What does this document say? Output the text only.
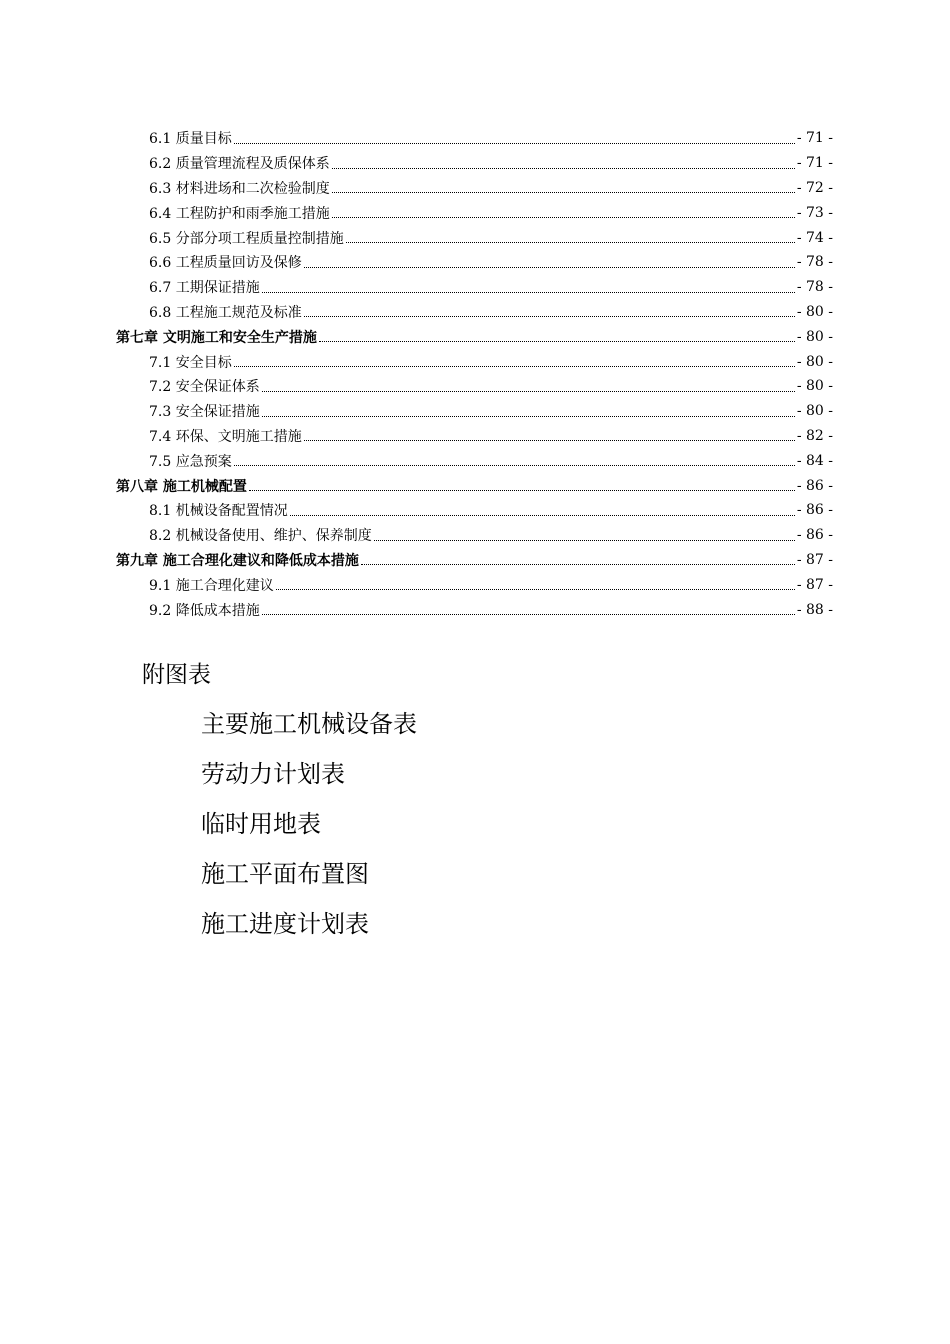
6.1 质量目标	- 71 -
6.2 质量管理流程及质保体系	- 71 -
6.3 材料进场和二次检验制度	- 72 -
6.4 工程防护和雨季施工措施	- 73 -
6.5 分部分项工程质量控制措施	- 74 -
6.6 工程质量回访及保修	- 78 -
6.7 工期保证措施	- 78 -
6.8 工程施工规范及标准	- 80 -
第七章 文明施工和安全生产措施	- 80 -
7.1 安全目标	- 80 -
7.2 安全保证体系	- 80 -
7.3 安全保证措施	- 80 -
7.4 环保、文明施工措施	- 82 -
7.5 应急预案	- 84 -
第八章 施工机械配置	- 86 -
8.1 机械设备配置情况	- 86 -
8.2 机械设备使用、维护、保养制度	- 86 -
第九章 施工合理化建议和降低成本措施	- 87 -
9.1 施工合理化建议	- 87 -
9.2 降低成本措施	- 88 -
附图表
主要施工机械设备表
劳动力计划表
临时用地表
施工平面布置图
施工进度计划表
